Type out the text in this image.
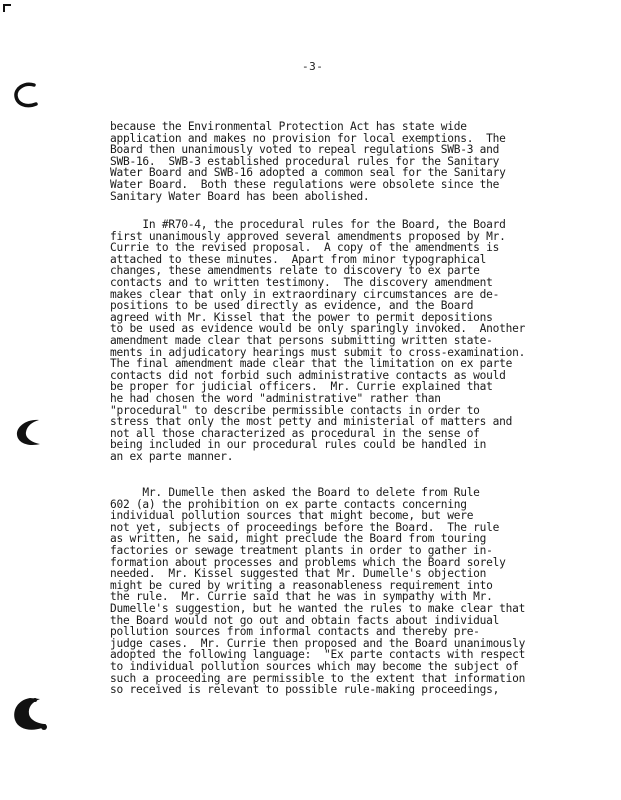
-3-

because the Environmental Protection Act has state wide
application and makes no provision for local exemptions.  The
Board then unanimously voted to repeal regulations SWB-3 and
SWB-16.  SWB-3 established procedural rules for the Sanitary
Water Board and SWB-16 adopted a common seal for the Sanitary
Water Board.  Both these regulations were obsolete since the
Sanitary Water Board has been abolished.

In #R70-4, the procedural rules for the Board, the Board
first unanimously approved several amendments proposed by Mr.
Currie to the revised proposal.  A copy of the amendments is
attached to these minutes.  Apart from minor typographical
changes, these amendments relate to discovery to ex parte
contacts and to written testimony.  The discovery amendment
makes clear that only in extraordinary circumstances are de-
positions to be used directly as evidence, and the Board
agreed with Mr. Kissel that the power to permit depositions
to be used as evidence would be only sparingly invoked.  Another
amendment made clear that persons submitting written state-
ments in adjudicatory hearings must submit to cross-examination.
The final amendment made clear that the limitation on ex parte
contacts did not forbid such administrative contacts as would
be proper for judicial officers.  Mr. Currie explained that
he had chosen the word "administrative" rather than
"procedural" to describe permissible contacts in order to
stress that only the most petty and ministerial of matters and
not all those characterized as procedural in the sense of
being included in our procedural rules could be handled in
an ex parte manner.

Mr. Dumelle then asked the Board to delete from Rule
602 (a) the prohibition on ex parte contacts concerning
individual pollution sources that might become, but were
not yet, subjects of proceedings before the Board.  The rule
as written, he said, might preclude the Board from touring
factories or sewage treatment plants in order to gather in-
formation about processes and problems which the Board sorely
needed.  Mr. Kissel suggested that Mr. Dumelle's objection
might be cured by writing a reasonableness requirement into
the rule.  Mr. Currie said that he was in sympathy with Mr.
Dumelle's suggestion, but he wanted the rules to make clear that
the Board would not go out and obtain facts about individual
pollution sources from informal contacts and thereby pre-
judge cases.  Mr. Currie then proposed and the Board unanimously
adopted the following language:  "Ex parte contacts with respect
to individual pollution sources which may become the subject of
such a proceeding are permissible to the extent that information
so received is relevant to possible rule-making proceedings,
